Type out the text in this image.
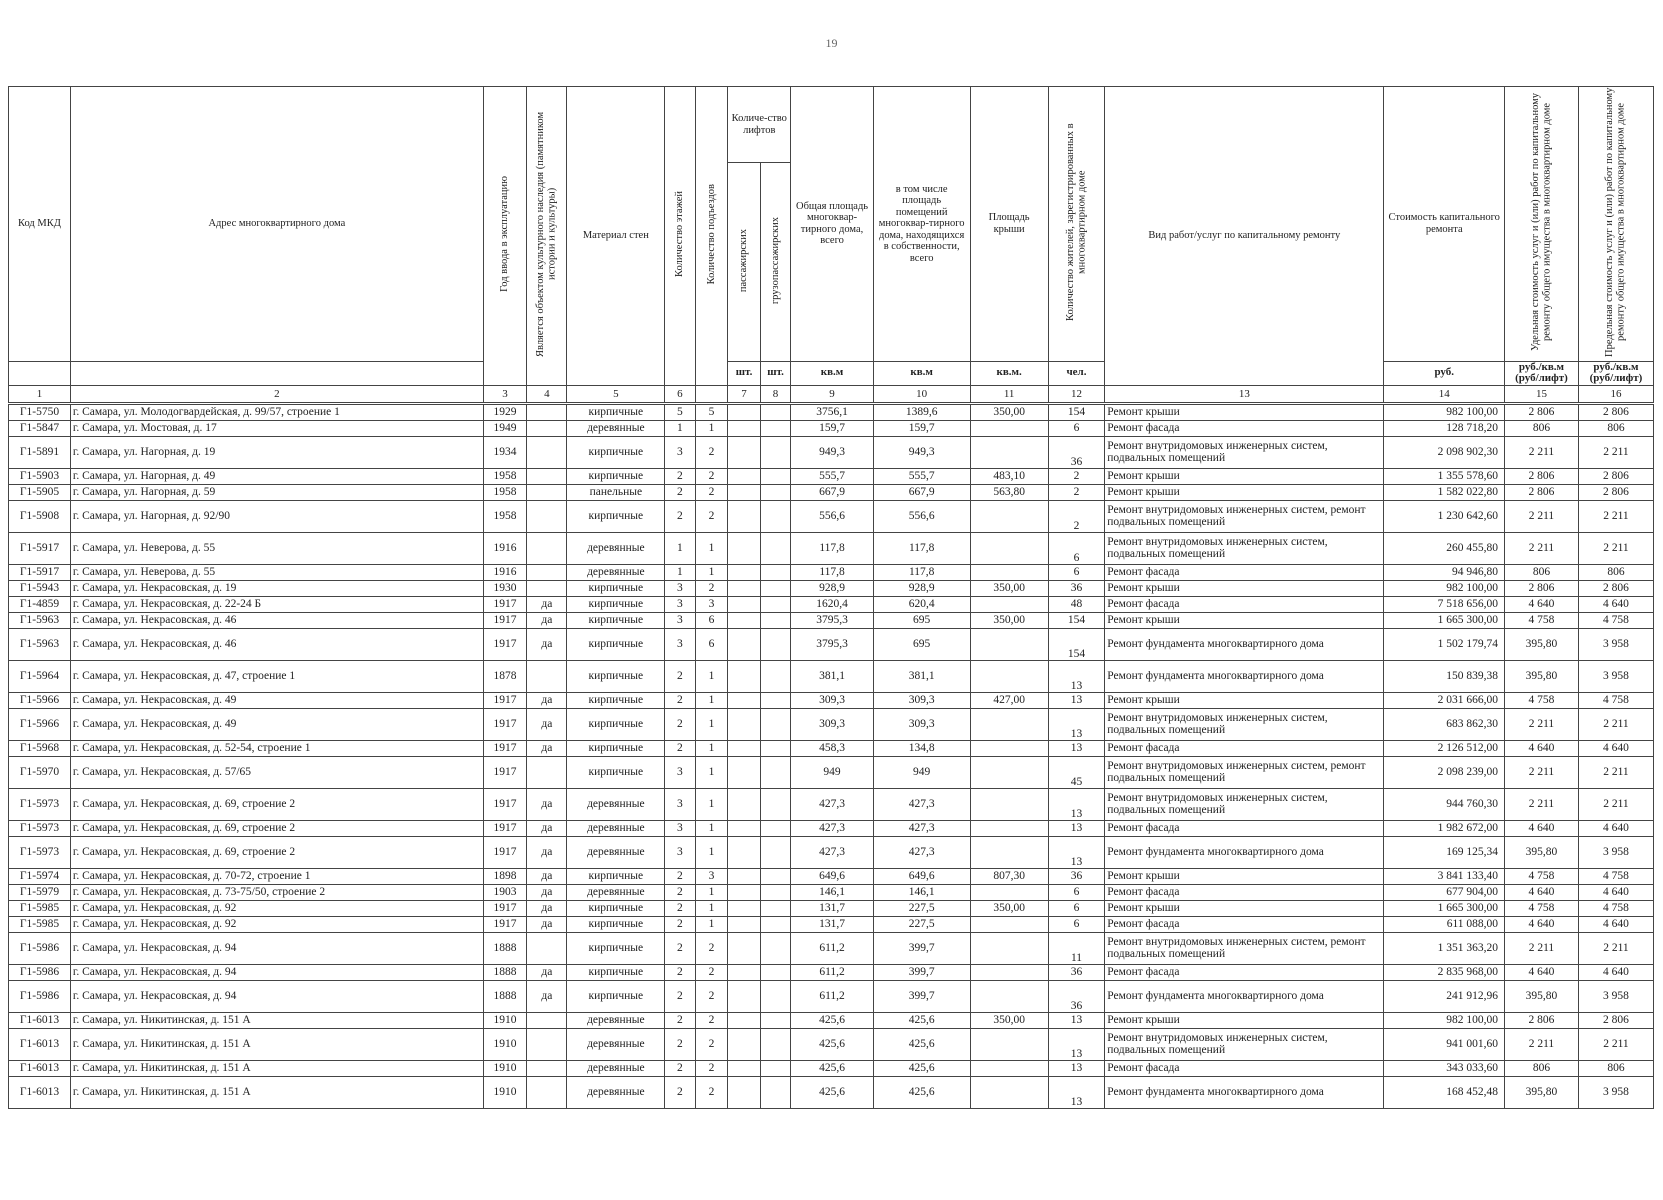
19
Код МКД	Адрес многоквартирного дома	Год ввода в эксплуатацию	Является объектом культурного наследия (памятником истории и культуры)	Материал стен	Количество этажей	Количество подъездов	Количе-ство лифтов		Общая площадь многоквар-тирного дома, всего	в том числе площадь помещений многоквар-тирного дома, находящихся в собственности, всего	Площадь крыши	Количество жителей, зарегистрированных в многоквартирном доме	Вид работ/услуг по капитальному ремонту	Стоимость капитального ремонта	Удельная стоимость услуг и (или) работ по капитальному ремонту общего имущества в многоквартирном доме	Предельная стоимость услуг и (или) работ по капитальному ремонту общего имущества в многоквартирном доме
							пассажирских	грузопассажирских								
							шт.	шт.	кв.м	кв.м	кв.м.	чел.		руб.	руб./кв.м (руб/лифт)	руб./кв.м (руб/лифт)
1	2	3	4	5	6		7	8	9	10	11	12	13	14	15	16
Г1-5750	г. Самара, ул. Молодогвардейская, д. 99/57, строение 1	1929		кирпичные	5	5			3756,1	1389,6	350,00	154	Ремонт крыши	982 100,00	2 806	2 806
Г1-5847	г. Самара, ул. Мостовая, д. 17	1949		деревянные	1	1			159,7	159,7		6	Ремонт фасада	128 718,20	806	806
Г1-5891	г. Самара, ул. Нагорная, д. 19	1934		кирпичные	3	2			949,3	949,3		36	Ремонт внутридомовых инженерных систем, подвальных помещений	2 098 902,30	2 211	2 211
Г1-5903	г. Самара, ул. Нагорная, д. 49	1958		кирпичные	2	2			555,7	555,7	483,10	2	Ремонт крыши	1 355 578,60	2 806	2 806
Г1-5905	г. Самара, ул. Нагорная, д. 59	1958		панельные	2	2			667,9	667,9	563,80	2	Ремонт крыши	1 582 022,80	2 806	2 806
Г1-5908	г. Самара, ул. Нагорная, д. 92/90	1958		кирпичные	2	2			556,6	556,6		2	Ремонт внутридомовых инженерных систем, ремонт подвальных помещений	1 230 642,60	2 211	2 211
Г1-5917	г. Самара, ул. Неверова, д. 55	1916		деревянные	1	1			117,8	117,8		6	Ремонт внутридомовых инженерных систем, подвальных помещений	260 455,80	2 211	2 211
Г1-5917	г. Самара, ул. Неверова, д. 55	1916		деревянные	1	1			117,8	117,8		6	Ремонт фасада	94 946,80	806	806
Г1-5943	г. Самара, ул. Некрасовская, д. 19	1930		кирпичные	3	2			928,9	928,9	350,00	36	Ремонт крыши	982 100,00	2 806	2 806
Г1-4859	г. Самара, ул. Некрасовская, д. 22-24 Б	1917	да	кирпичные	3	3			1620,4	620,4		48	Ремонт фасада	7 518 656,00	4 640	4 640
Г1-5963	г. Самара, ул. Некрасовская, д. 46	1917	да	кирпичные	3	6			3795,3	695	350,00	154	Ремонт крыши	1 665 300,00	4 758	4 758
Г1-5963	г. Самара, ул. Некрасовская, д. 46	1917	да	кирпичные	3	6			3795,3	695		154	Ремонт фундамента многоквартирного дома	1 502 179,74	395,80	3 958
Г1-5964	г. Самара, ул. Некрасовская, д. 47, строение 1	1878		кирпичные	2	1			381,1	381,1		13	Ремонт фундамента многоквартирного дома	150 839,38	395,80	3 958
Г1-5966	г. Самара, ул. Некрасовская, д. 49	1917	да	кирпичные	2	1			309,3	309,3	427,00	13	Ремонт крыши	2 031 666,00	4 758	4 758
Г1-5966	г. Самара, ул. Некрасовская, д. 49	1917	да	кирпичные	2	1			309,3	309,3		13	Ремонт внутридомовых инженерных систем, подвальных помещений	683 862,30	2 211	2 211
Г1-5968	г. Самара, ул. Некрасовская, д. 52-54, строение 1	1917	да	кирпичные	2	1			458,3	134,8		13	Ремонт фасада	2 126 512,00	4 640	4 640
Г1-5970	г. Самара, ул. Некрасовская, д. 57/65	1917		кирпичные	3	1			949	949		45	Ремонт внутридомовых инженерных систем, ремонт подвальных помещений	2 098 239,00	2 211	2 211
Г1-5973	г. Самара, ул. Некрасовская, д. 69, строение 2	1917	да	деревянные	3	1			427,3	427,3		13	Ремонт внутридомовых инженерных систем, подвальных помещений	944 760,30	2 211	2 211
Г1-5973	г. Самара, ул. Некрасовская, д. 69, строение 2	1917	да	деревянные	3	1			427,3	427,3		13	Ремонт фасада	1 982 672,00	4 640	4 640
Г1-5973	г. Самара, ул. Некрасовская, д. 69, строение 2	1917	да	деревянные	3	1			427,3	427,3		13	Ремонт фундамента многоквартирного дома	169 125,34	395,80	3 958
Г1-5974	г. Самара, ул. Некрасовская, д. 70-72, строение 1	1898	да	кирпичные	2	3			649,6	649,6	807,30	36	Ремонт крыши	3 841 133,40	4 758	4 758
Г1-5979	г. Самара, ул. Некрасовская, д. 73-75/50, строение 2	1903	да	деревянные	2	1			146,1	146,1		6	Ремонт фасада	677 904,00	4 640	4 640
Г1-5985	г. Самара, ул. Некрасовская, д. 92	1917	да	кирпичные	2	1			131,7	227,5	350,00	6	Ремонт крыши	1 665 300,00	4 758	4 758
Г1-5985	г. Самара, ул. Некрасовская, д. 92	1917	да	кирпичные	2	1			131,7	227,5		6	Ремонт фасада	611 088,00	4 640	4 640
Г1-5986	г. Самара, ул. Некрасовская, д. 94	1888		кирпичные	2	2			611,2	399,7		11	Ремонт внутридомовых инженерных систем, ремонт подвальных помещений	1 351 363,20	2 211	2 211
Г1-5986	г. Самара, ул. Некрасовская, д. 94	1888	да	кирпичные	2	2			611,2	399,7		36	Ремонт фасада	2 835 968,00	4 640	4 640
Г1-5986	г. Самара, ул. Некрасовская, д. 94	1888	да	кирпичные	2	2			611,2	399,7		36	Ремонт фундамента многоквартирного дома	241 912,96	395,80	3 958
Г1-6013	г. Самара, ул. Никитинская, д. 151 А	1910		деревянные	2	2			425,6	425,6	350,00	13	Ремонт крыши	982 100,00	2 806	2 806
Г1-6013	г. Самара, ул. Никитинская, д. 151 А	1910		деревянные	2	2			425,6	425,6		13	Ремонт внутридомовых инженерных систем, подвальных помещений	941 001,60	2 211	2 211
Г1-6013	г. Самара, ул. Никитинская, д. 151 А	1910		деревянные	2	2			425,6	425,6		13	Ремонт фасада	343 033,60	806	806
Г1-6013	г. Самара, ул. Никитинская, д. 151 А	1910		деревянные	2	2			425,6	425,6		13	Ремонт фундамента многоквартирного дома	168 452,48	395,80	3 958
